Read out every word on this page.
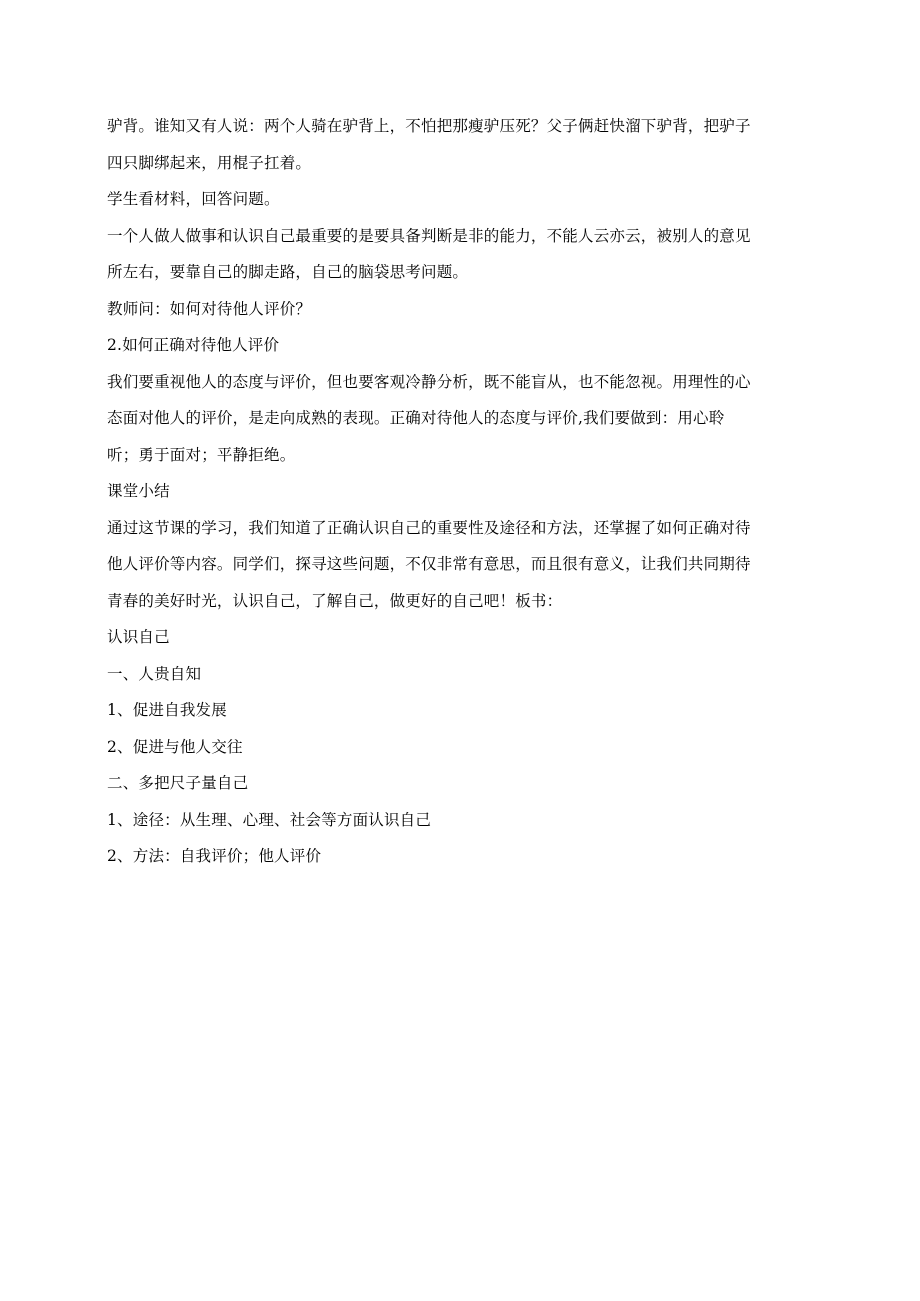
驴背。谁知又有人说：两个人骑在驴背上，不怕把那瘦驴压死？父子俩赶快溜下驴背，把驴子
四只脚绑起来，用棍子扛着。
学生看材料，回答问题。
一个人做人做事和认识自己最重要的是要具备判断是非的能力，不能人云亦云，被别人的意见
所左右，要靠自己的脚走路，自己的脑袋思考问题。
教师问：如何对待他人评价？
2.如何正确对待他人评价
我们要重视他人的态度与评价，但也要客观冷静分析，既不能盲从，也不能忽视。用理性的心
态面对他人的评价，是走向成熟的表现。正确对待他人的态度与评价,我们要做到：用心聆
听；勇于面对；平静拒绝。
课堂小结
通过这节课的学习，我们知道了正确认识自己的重要性及途径和方法，还掌握了如何正确对待
他人评价等内容。同学们，探寻这些问题，不仅非常有意思，而且很有意义，让我们共同期待
青春的美好时光，认识自己，了解自己，做更好的自己吧！板书：
认识自己
一、人贵自知
1、促进自我发展
2、促进与他人交往
二、多把尺子量自己
1、途径：从生理、心理、社会等方面认识自己
2、方法：自我评价；他人评价
